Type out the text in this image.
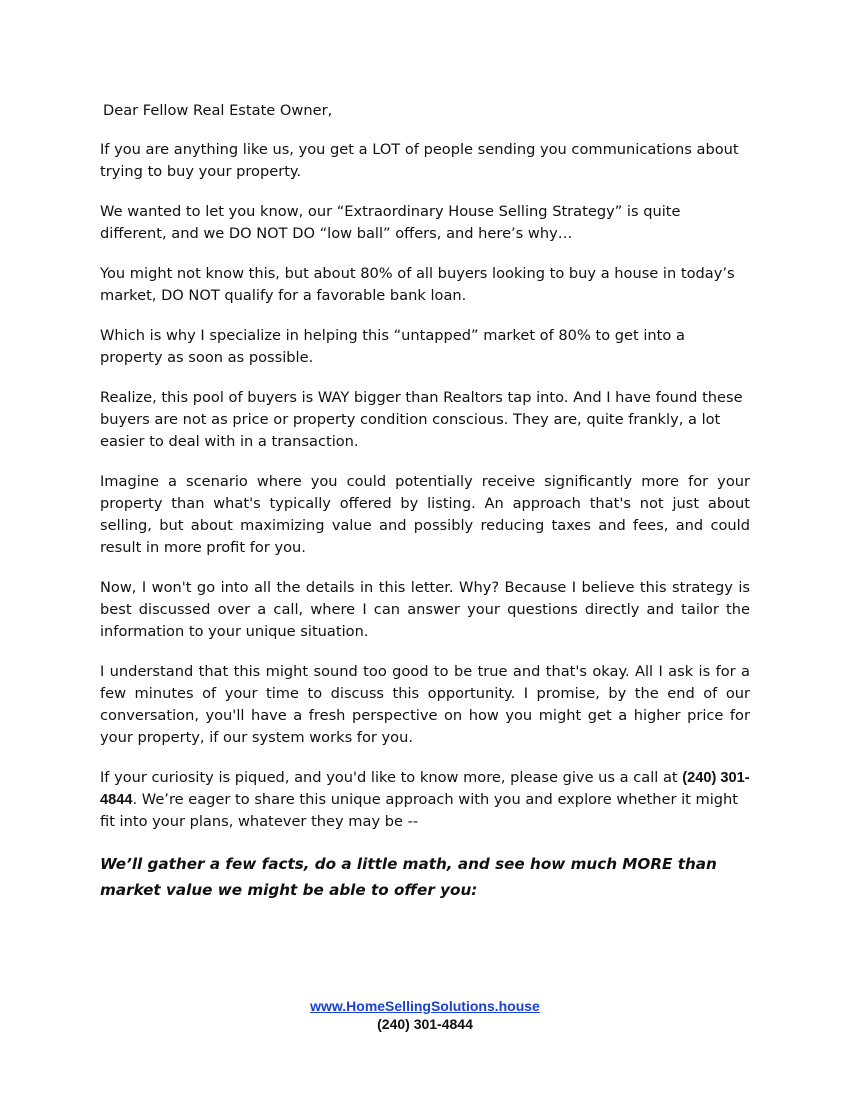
Dear Fellow Real Estate Owner,

If you are anything like us, you get a LOT of people sending you communications about trying to buy your property.

We wanted to let you know, our “Extraordinary House Selling Strategy” is quite different, and we DO NOT DO “low ball” offers, and here’s why…

You might not know this, but about 80% of all buyers looking to buy a house in today’s market, DO NOT qualify for a favorable bank loan.

Which is why I specialize in helping this “untapped” market of 80% to get into a property as soon as possible.

Realize, this pool of buyers is WAY bigger than Realtors tap into. And I have found these buyers are not as price or property condition conscious. They are, quite frankly, a lot easier to deal with in a transaction.

Imagine a scenario where you could potentially receive significantly more for your property than what's typically offered by listing. An approach that's not just about selling, but about maximizing value and possibly reducing taxes and fees, and could result in more profit for you.

Now, I won't go into all the details in this letter. Why? Because I believe this strategy is best discussed over a call, where I can answer your questions directly and tailor the information to your unique situation.

I understand that this might sound too good to be true and that's okay. All I ask is for a few minutes of your time to discuss this opportunity. I promise, by the end of our conversation, you'll have a fresh perspective on how you might get a higher price for your property, if our system works for you.

If your curiosity is piqued, and you'd like to know more, please give us a call at (240) 301-4844. We’re eager to share this unique approach with you and explore whether it might fit into your plans, whatever they may be --

We’ll gather a few facts, do a little math, and see how much MORE than market value we might be able to offer you:

www.HomeSellingSolutions.house
(240) 301-4844
